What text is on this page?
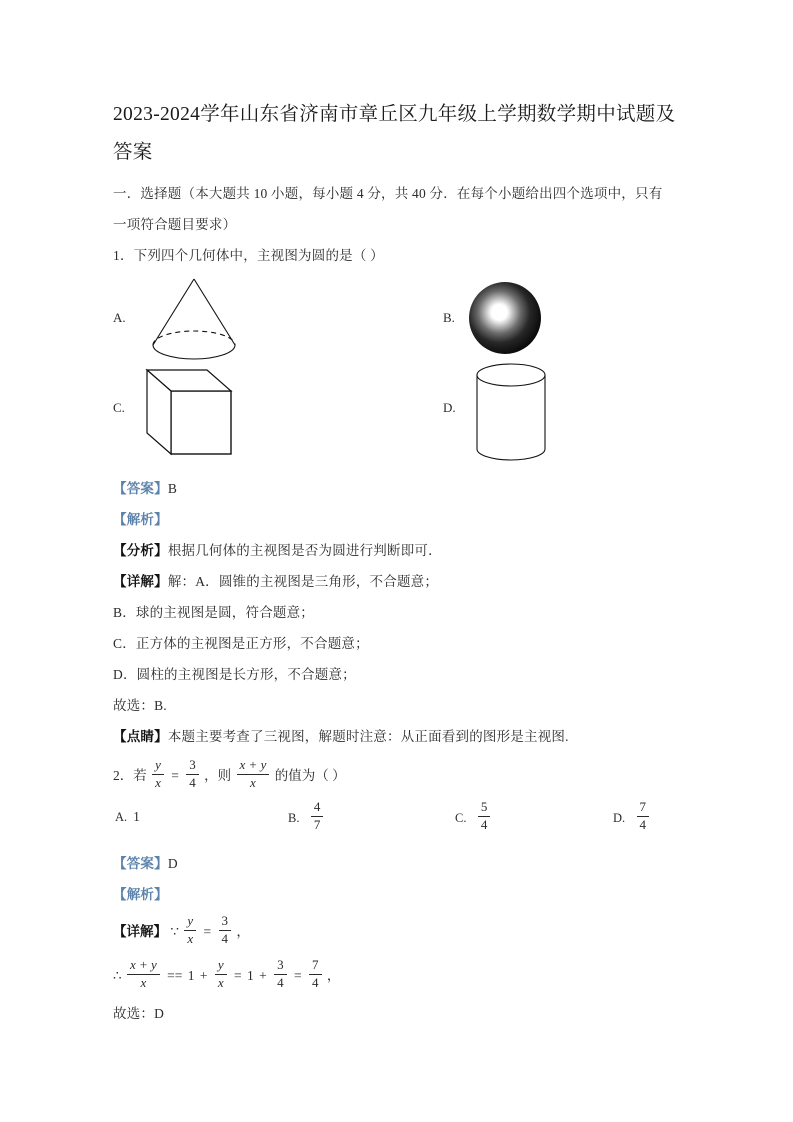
2023-2024学年山东省济南市章丘区九年级上学期数学期中试题及答案

一．选择题（本大题共 10 小题，每小题 4 分，共 40 分．在每个小题给出四个选项中，只有

一项符合题目要求）

1．下列四个几何体中，主视图为圆的是（ ）

A.	B.
C.	D.

【答案】B

【解析】

【分析】根据几何体的主视图是否为圆进行判断即可．

【详解】解：A．圆锥的主视图是三角形，不合题意；

B．球的主视图是圆，符合题意；

C．正方体的主视图是正方形，不合题意；

D．圆柱的主视图是长方形，不合题意；

故选：B.

【点睛】本题主要考查了三视图，解题时注意：从正面看到的图形是主视图.

2．若 $\frac{y}{x} = \frac{3}{4}$ ，则 $\frac{x + y}{x}$ 的值为（ ）

A. 1	B. $\frac{4}{7}$	C. $\frac{5}{4}$	D. $\frac{7}{4}$

【答案】D

【解析】

【详解】 ∵ $\frac{y}{x} = \frac{3}{4}$ ，

∴ $\frac{x + y}{x} == 1 + \frac{y}{x} = 1 + \frac{3}{4} = \frac{7}{4}$ ，

故选：D
